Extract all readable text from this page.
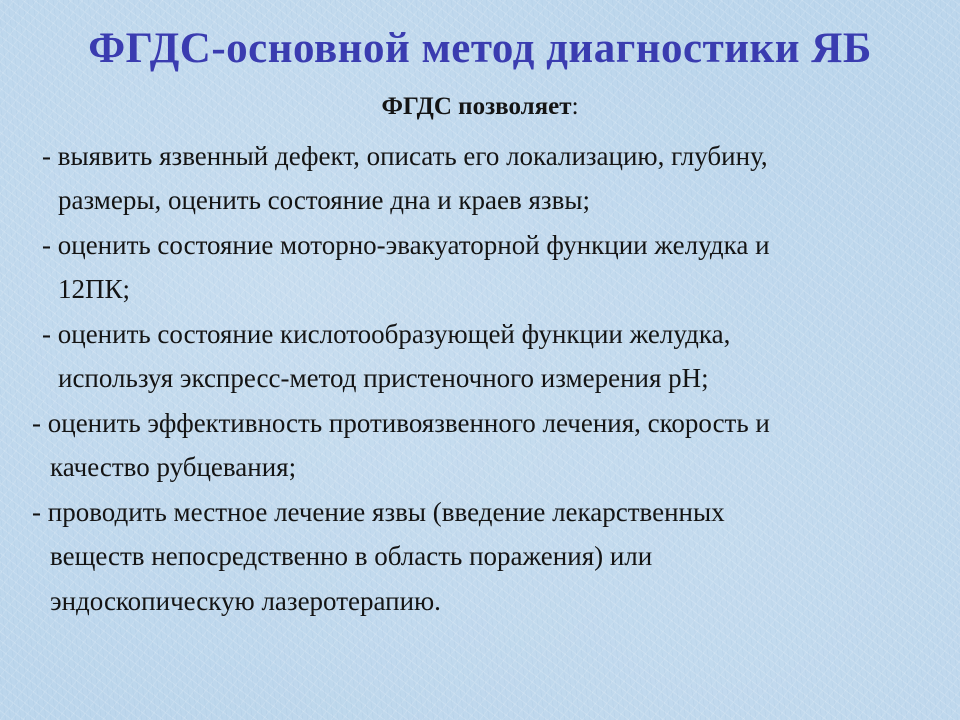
ФГДС-основной метод диагностики ЯБ
ФГДС позволяет:
- выявить язвенный дефект, описать его локализацию, глубину,
размеры, оценить состояние дна и краев язвы;
- оценить состояние моторно-эвакуаторной функции желудка и
12ПК;
- оценить состояние кислотообразующей функции желудка,
используя экспресс-метод пристеночного измерения рН;
- оценить эффективность противоязвенного лечения, скорость и
качество рубцевания;
- проводить местное лечение язвы (введение лекарственных
веществ непосредственно в область поражения) или
эндоскопическую лазеротерапию.
